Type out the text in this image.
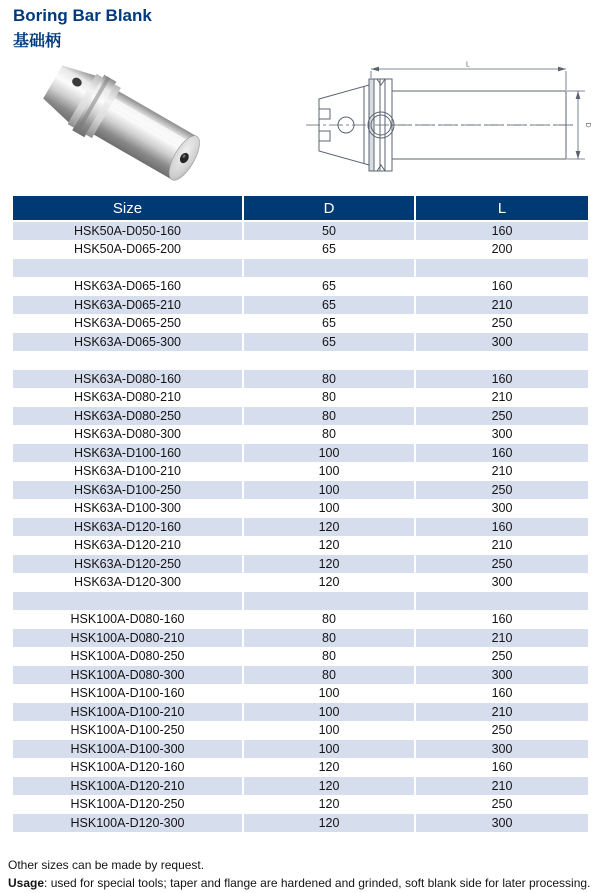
Boring Bar Blank
基础柄
L
D
Size	D	L
HSK50A-D050-160	50	160
HSK50A-D065-200	65	200

HSK63A-D065-160	65	160
HSK63A-D065-210	65	210
HSK63A-D065-250	65	250
HSK63A-D065-300	65	300

HSK63A-D080-160	80	160
HSK63A-D080-210	80	210
HSK63A-D080-250	80	250
HSK63A-D080-300	80	300
HSK63A-D100-160	100	160
HSK63A-D100-210	100	210
HSK63A-D100-250	100	250
HSK63A-D100-300	100	300
HSK63A-D120-160	120	160
HSK63A-D120-210	120	210
HSK63A-D120-250	120	250
HSK63A-D120-300	120	300

HSK100A-D080-160	80	160
HSK100A-D080-210	80	210
HSK100A-D080-250	80	250
HSK100A-D080-300	80	300
HSK100A-D100-160	100	160
HSK100A-D100-210	100	210
HSK100A-D100-250	100	250
HSK100A-D100-300	100	300
HSK100A-D120-160	120	160
HSK100A-D120-210	120	210
HSK100A-D120-250	120	250
HSK100A-D120-300	120	300

Other sizes can be made by request.

Usage: used for special tools; taper and flange are hardened and grinded, soft blank side for later processing.
